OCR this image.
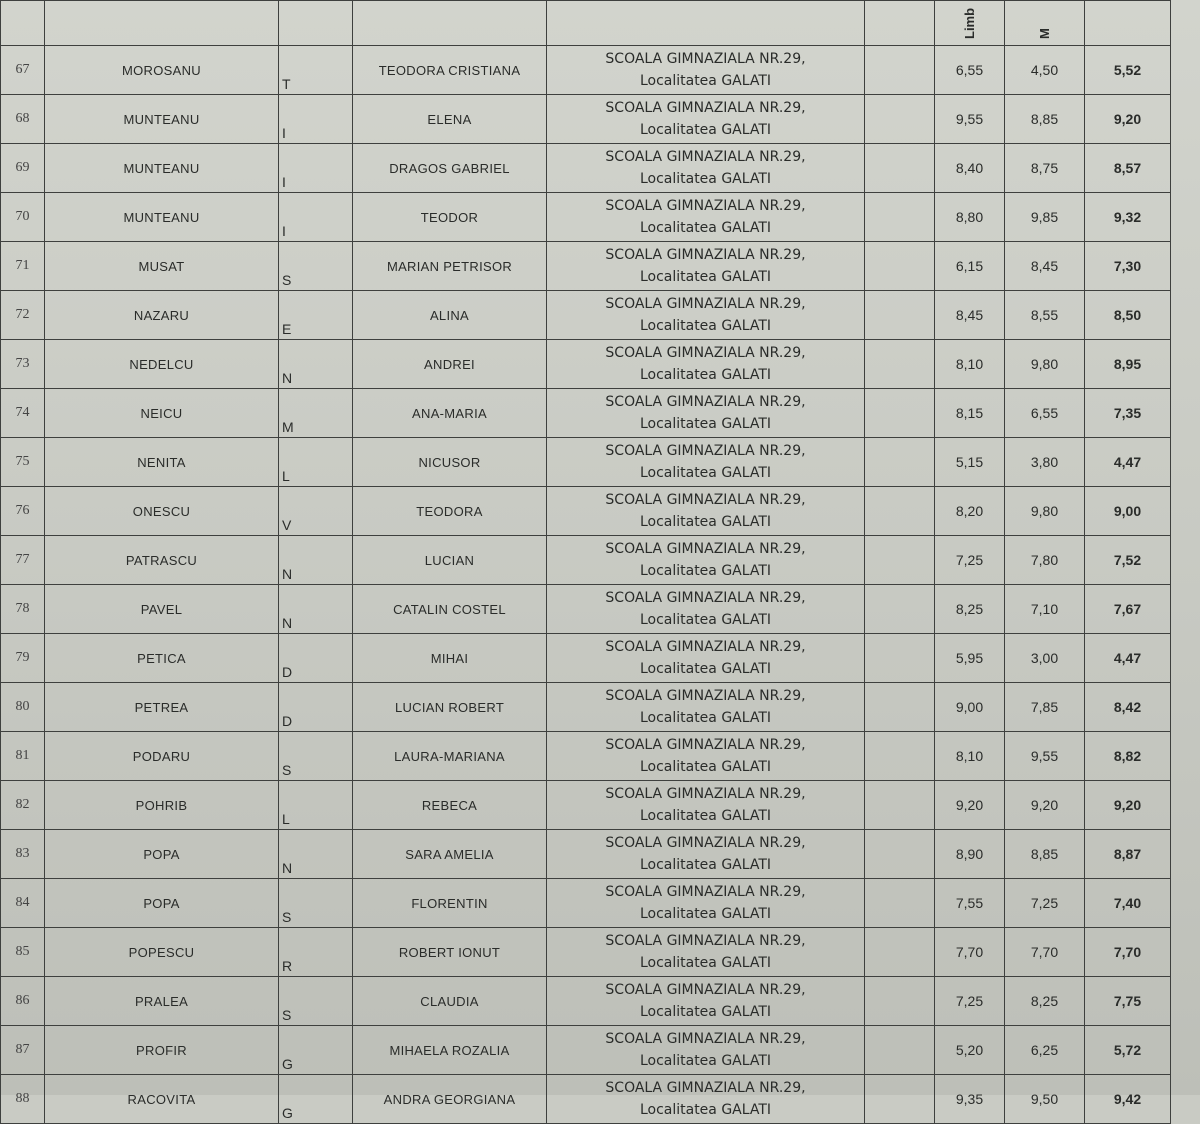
						Limb	M	
67	MOROSANU	T	TEODORA CRISTIANA	SCOALA GIMNAZIALA NR.29,
Localitatea GALATI		6,55	4,50	5,52
68	MUNTEANU	I	ELENA	SCOALA GIMNAZIALA NR.29,
Localitatea GALATI		9,55	8,85	9,20
69	MUNTEANU	I	DRAGOS GABRIEL	SCOALA GIMNAZIALA NR.29,
Localitatea GALATI		8,40	8,75	8,57
70	MUNTEANU	I	TEODOR	SCOALA GIMNAZIALA NR.29,
Localitatea GALATI		8,80	9,85	9,32
71	MUSAT	S	MARIAN PETRISOR	SCOALA GIMNAZIALA NR.29,
Localitatea GALATI		6,15	8,45	7,30
72	NAZARU	E	ALINA	SCOALA GIMNAZIALA NR.29,
Localitatea GALATI		8,45	8,55	8,50
73	NEDELCU	N	ANDREI	SCOALA GIMNAZIALA NR.29,
Localitatea GALATI		8,10	9,80	8,95
74	NEICU	M	ANA-MARIA	SCOALA GIMNAZIALA NR.29,
Localitatea GALATI		8,15	6,55	7,35
75	NENITA	L	NICUSOR	SCOALA GIMNAZIALA NR.29,
Localitatea GALATI		5,15	3,80	4,47
76	ONESCU	V	TEODORA	SCOALA GIMNAZIALA NR.29,
Localitatea GALATI		8,20	9,80	9,00
77	PATRASCU	N	LUCIAN	SCOALA GIMNAZIALA NR.29,
Localitatea GALATI		7,25	7,80	7,52
78	PAVEL	N	CATALIN COSTEL	SCOALA GIMNAZIALA NR.29,
Localitatea GALATI		8,25	7,10	7,67
79	PETICA	D	MIHAI	SCOALA GIMNAZIALA NR.29,
Localitatea GALATI		5,95	3,00	4,47
80	PETREA	D	LUCIAN ROBERT	SCOALA GIMNAZIALA NR.29,
Localitatea GALATI		9,00	7,85	8,42
81	PODARU	S	LAURA-MARIANA	SCOALA GIMNAZIALA NR.29,
Localitatea GALATI		8,10	9,55	8,82
82	POHRIB	L	REBECA	SCOALA GIMNAZIALA NR.29,
Localitatea GALATI		9,20	9,20	9,20
83	POPA	N	SARA AMELIA	SCOALA GIMNAZIALA NR.29,
Localitatea GALATI		8,90	8,85	8,87
84	POPA	S	FLORENTIN	SCOALA GIMNAZIALA NR.29,
Localitatea GALATI		7,55	7,25	7,40
85	POPESCU	R	ROBERT IONUT	SCOALA GIMNAZIALA NR.29,
Localitatea GALATI		7,70	7,70	7,70
86	PRALEA	S	CLAUDIA	SCOALA GIMNAZIALA NR.29,
Localitatea GALATI		7,25	8,25	7,75
87	PROFIR	G	MIHAELA ROZALIA	SCOALA GIMNAZIALA NR.29,
Localitatea GALATI		5,20	6,25	5,72
88	RACOVITA	G	ANDRA GEORGIANA	SCOALA GIMNAZIALA NR.29,
Localitatea GALATI		9,35	9,50	9,42
